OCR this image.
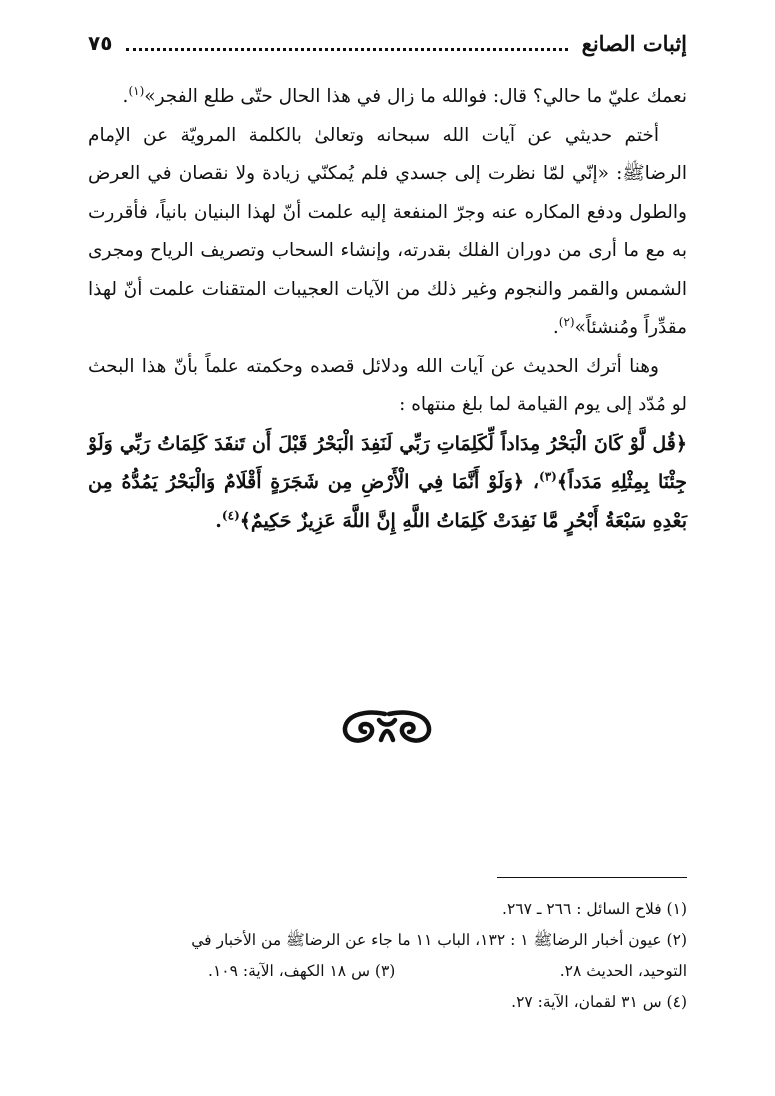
إثبات الصانع
٧٥

نعمك عليّ ما حالي؟ قال: فوالله ما زال في هذا الحال حتّى طلع الفجر»$^{(١)}$.

أختم حديثي عن آيات الله سبحانه وتعالىٰ بالكلمة المرويّة عن الإمام الرضاﷺ: «إنّي لمّا نظرت إلى جسدي فلم يُمكنّي زيادة ولا نقصان في العرض والطول ودفع المكاره عنه وجرّ المنفعة إليه علمت أنّ لهذا البنيان بانياً، فأقررت به مع ما أرى من دوران الفلك بقدرته، وإنشاء السحاب وتصريف الرياح ومجرى الشمس والقمر والنجوم وغير ذلك من الآيات العجيبات المتقنات علمت أنّ لهذا مقدِّراً ومُنشئاً»$^{(٢)}$.

وهنا أترك الحديث عن آيات الله ودلائل قصده وحكمته علماً بأنّ هذا البحث لو مُدّد إلى يوم القيامة لما بلغ منتهاه :

﴿قُل لَّوْ كَانَ الْبَحْرُ مِدَاداً لِّكَلِمَاتِ رَبِّي لَنَفِدَ الْبَحْرُ قَبْلَ أَن تَنفَدَ كَلِمَاتُ رَبِّي وَلَوْ جِئْنَا بِمِثْلِهِ مَدَداً﴾$^{(٣)}$، ﴿وَلَوْ أَنَّمَا فِي الْأَرْضِ مِن شَجَرَةٍ أَقْلَامٌ وَالْبَحْرُ يَمُدُّهُ مِن بَعْدِهِ سَبْعَةُ أَبْحُرٍ مَّا نَفِدَتْ كَلِمَاتُ اللَّهِ إِنَّ اللَّهَ عَزِيزٌ حَكِيمٌ﴾$^{(٤)}$.

(١) فلاح السائل : ٢٦٦ ـ ٢٦٧.

(٢) عيون أخبار الرضاﷺ ١ : ١٣٢، الباب ١١ ما جاء عن الرضاﷺ من الأخبار في

التوحيد، الحديث ٢٨.
(٣) س ١٨ الكهف، الآية: ١٠٩.

(٤) س ٣١ لقمان، الآية: ٢٧.
